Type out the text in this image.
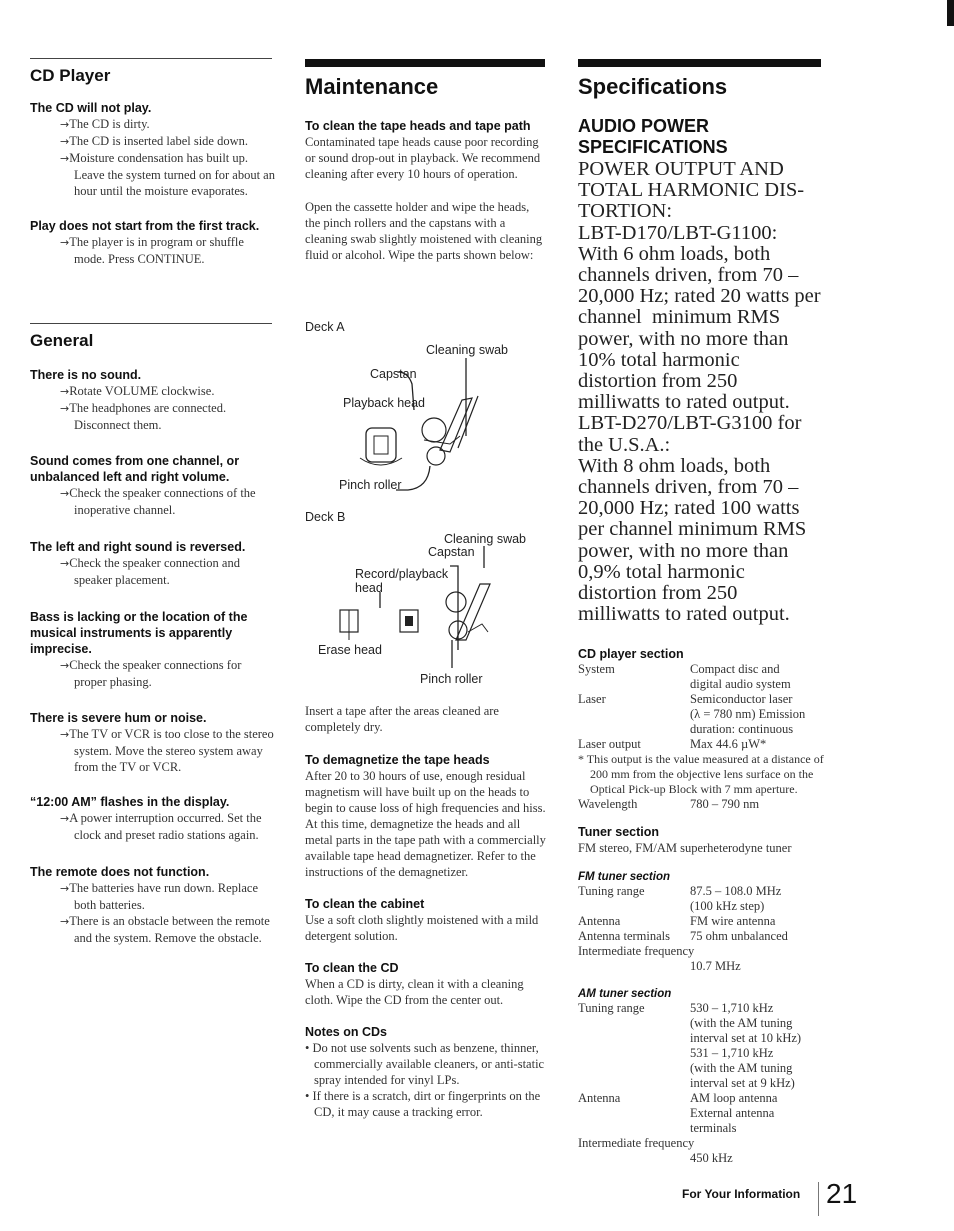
CD Player
The CD will not play.

→The CD is dirty.

→The CD is inserted label side down.

→Moisture condensation has built up. Leave the system turned on for about an hour until the moisture evaporates.

Play does not start from the first track.

→The player is in program or shuffle mode. Press CONTINUE.

General
There is no sound.

→Rotate VOLUME clockwise.

→The headphones are connected. Disconnect them.

Sound comes from one channel, or unbalanced left and right volume.

→Check the speaker connections of the inoperative channel.

The left and right sound is reversed.

→Check the speaker connection and speaker placement.

Bass is lacking or the location of the musical instruments is apparently imprecise.

→Check the speaker connections for proper phasing.

There is severe hum or noise.

→The TV or VCR is too close to the stereo system. Move the stereo system away from the TV or VCR.

“12:00 AM” flashes in the display.

→A power interruption occurred. Set the clock and preset radio stations again.

The remote does not function.

→The batteries have run down. Replace both batteries.

→There is an obstacle between the remote and the system. Remove the obstacle.

Maintenance
To clean the tape heads and tape path

Contaminated tape heads cause poor recording or sound drop-out in playback. We recommend cleaning after every 10 hours of operation.

Open the cassette holder and wipe the heads, the pinch rollers and the capstans with a cleaning swab slightly moistened with cleaning fluid or alcohol. Wipe the parts shown below:

Deck A
Cleaning swab
Capstan
Playback head
Pinch roller
Deck B
Cleaning swab
Capstan
Record/playback head
Erase head
Pinch roller

Insert a tape after the areas cleaned are completely dry.

To demagnetize the tape heads

After 20 to 30 hours of use, enough residual magnetism will have built up on the heads to begin to cause loss of high frequencies and hiss. At this time, demagnetize the heads and all metal parts in the tape path with a commercially available tape head demagnetizer. Refer to the instructions of the demagnetizer.

To clean the cabinet

Use a soft cloth slightly moistened with a mild detergent solution.

To clean the CD

When a CD is dirty, clean it with a cleaning cloth. Wipe the CD from the center out.

Notes on CDs

• Do not use solvents such as benzene, thinner, commercially available cleaners, or anti-static spray intended for vinyl LPs.

• If there is a scratch, dirt or fingerprints on the CD, it may cause a tracking error.

Specifications
AUDIO POWER SPECIFICATIONS
POWER OUTPUT AND
TOTAL HARMONIC DIS-
TORTION:
LBT-D170/LBT-G1100:
With 6 ohm loads, both
channels driven, from 70 –
20,000 Hz; rated 20 watts per
channel  minimum RMS
power, with no more than
10% total harmonic
distortion from 250
milliwatts to rated output.
LBT-D270/LBT-G3100 for
the U.S.A.:
With 8 ohm loads, both
channels driven, from 70 –
20,000 Hz; rated 100 watts
per channel minimum RMS
power, with no more than
0,9% total harmonic
distortion from 250
milliwatts to rated output.
CD player section
System	Compact disc and
	digital audio system
Laser	Semiconductor laser
	(λ = 780 nm) Emission
	duration: continuous
Laser output	Max 44.6 µW*

* This output is the value measured at a distance of 200 mm from the objective lens surface on the Optical Pick-up Block with 7 mm aperture.

Wavelength	780 – 790 nm
Tuner section

FM stereo, FM/AM superheterodyne tuner

FM tuner section
Tuning range	87.5 – 108.0 MHz
	(100 kHz step)
Antenna	FM wire antenna
Antenna terminals	75 ohm unbalanced

Intermediate frequency

10.7 MHz

AM tuner section
Tuning range	530 – 1,710 kHz
	(with the AM tuning
	interval set at 10 kHz)
	531 – 1,710 kHz
	(with the AM tuning
	interval set at 9 kHz)
Antenna	AM loop antenna
	External antenna
	terminals

Intermediate frequency

450 kHz

For Your Information 21
